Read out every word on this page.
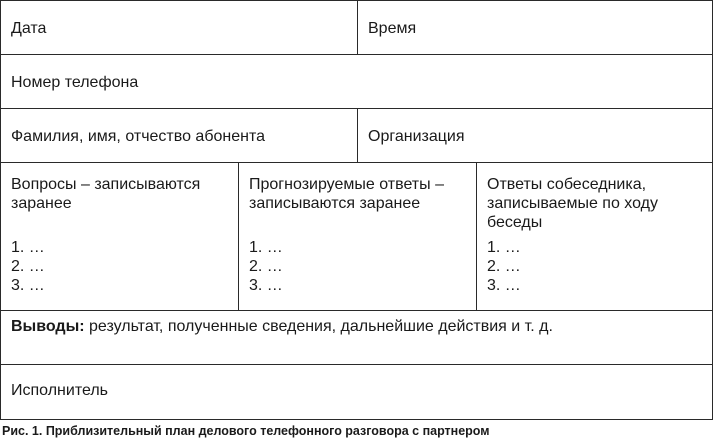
Дата	Время
Номер телефона
Фамилия, имя, отчество абонента	Организация
Вопросы – записываются заранее
1. …
2. …
3. …
Прогнозируемые ответы – записываются заранее
1. …
2. …
3. …
Ответы собеседника, записываемые по ходу беседы
1. …
2. …
3. …
Выводы: результат, полученные сведения, дальнейшие действия и т. д.
Исполнитель
Рис. 1. Приблизительный план делового телефонного разговора с партнером
